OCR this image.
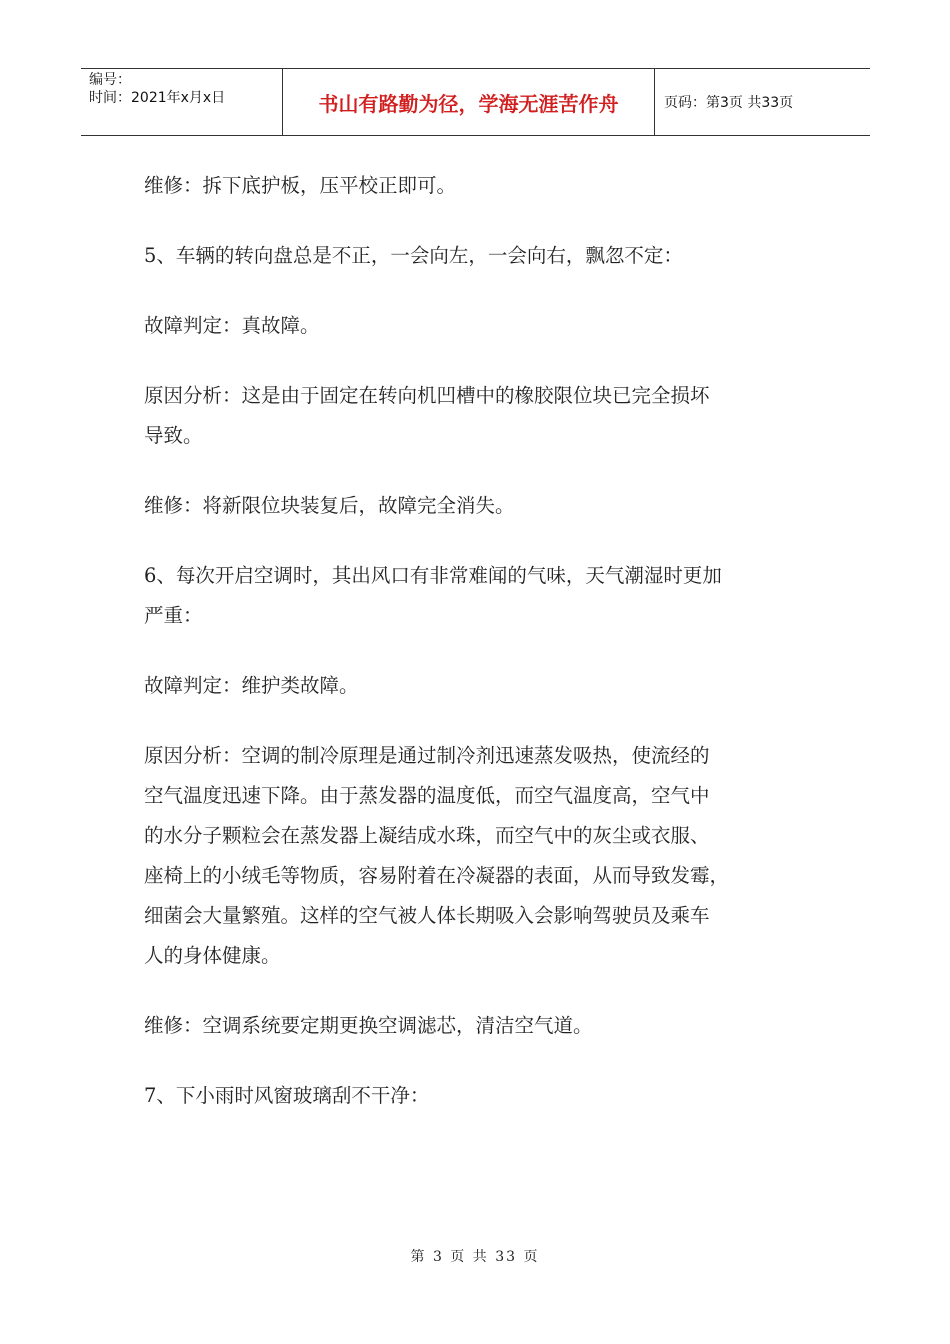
编号：
时间：2021年x月x日	书山有路勤为径，学海无涯苦作舟	页码：第3页 共33页

维修：拆下底护板，压平校正即可。

5、车辆的转向盘总是不正，一会向左，一会向右，飘忽不定：

故障判定：真故障。

原因分析：这是由于固定在转向机凹槽中的橡胶限位块已完全损坏
导致。

维修：将新限位块装复后，故障完全消失。

6、每次开启空调时，其出风口有非常难闻的气味，天气潮湿时更加
严重：

故障判定：维护类故障。

原因分析：空调的制冷原理是通过制冷剂迅速蒸发吸热，使流经的
空气温度迅速下降。由于蒸发器的温度低，而空气温度高，空气中
的水分子颗粒会在蒸发器上凝结成水珠，而空气中的灰尘或衣服、
座椅上的小绒毛等物质，容易附着在冷凝器的表面，从而导致发霉，
细菌会大量繁殖。这样的空气被人体长期吸入会影响驾驶员及乘车
人的身体健康。

维修：空调系统要定期更换空调滤芯，清洁空气道。

7、下小雨时风窗玻璃刮不干净：

第 3 页 共 33 页
